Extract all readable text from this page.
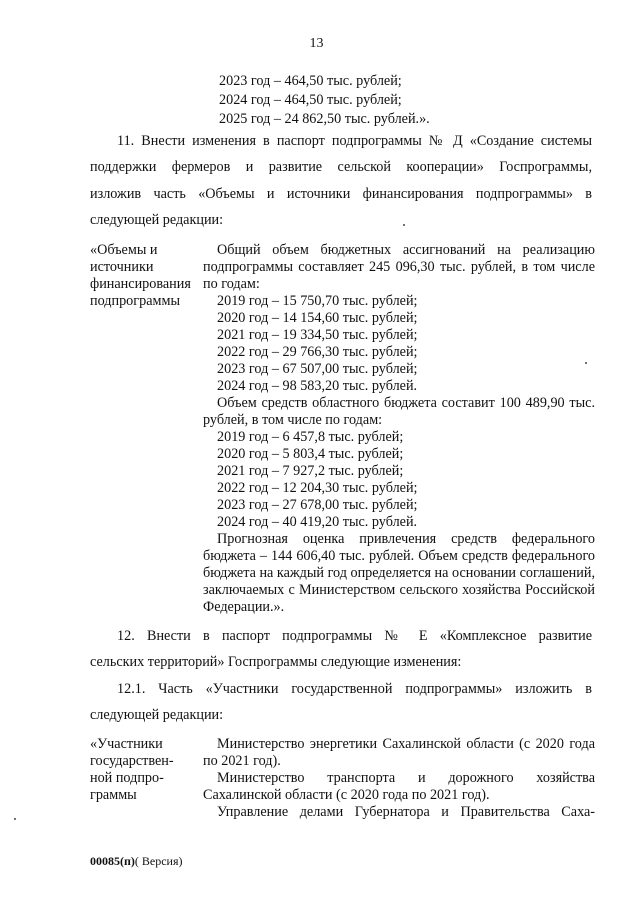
13
2023 год – 464,50 тыс. рублей;
2024 год – 464,50 тыс. рублей;
2025 год – 24 862,50 тыс. рублей.».
11. Внести изменения в паспорт подпрограммы № Д «Создание системы
поддержки фермеров и развитие сельской кооперации» Госпрограммы,
изложив часть «Объемы и источники финансирования подпрограммы» в
следующей редакции:
«Объемы и
источники
финансирования
подпрограммы

Общий объем бюджетных ассигнований на реализацию подпрограммы составляет 245 096,30 тыс. рублей, в том числе по годам:

2019 год – 15 750,70 тыс. рублей;
2020 год – 14 154,60 тыс. рублей;
2021 год – 19 334,50 тыс. рублей;
2022 год – 29 766,30 тыс. рублей;
2023 год – 67 507,00 тыс. рублей;
2024 год – 98 583,20 тыс. рублей.

Объем средств областного бюджета составит 100 489,90 тыс. рублей, в том числе по годам:

2019 год – 6 457,8 тыс. рублей;
2020 год – 5 803,4 тыс. рублей;
2021 год – 7 927,2 тыс. рублей;
2022 год – 12 204,30 тыс. рублей;
2023 год – 27 678,00 тыс. рублей;
2024 год – 40 419,20 тыс. рублей.

Прогнозная оценка привлечения средств федерального бюджета – 144 606,40 тыс. рублей. Объем средств федерального бюджета на каждый год определяется на основании соглашений, заключаемых с Министерством сельского хозяйства Российской Федерации.».

12. Внести в паспорт подпрограммы № Е «Комплексное развитие
сельских территорий» Госпрограммы следующие изменения:
12.1. Часть «Участники государственной подпрограммы» изложить в
следующей редакции:
«Участники
государствен-
ной подпро-
граммы

Министерство энергетики Сахалинской области (с 2020 года по 2021 год).

Министерство транспорта и дорожного хозяйства Сахалинской области (с 2020 года по 2021 год).

Управление делами Губернатора и Правительства Саха-

00085(п)( Версия)
